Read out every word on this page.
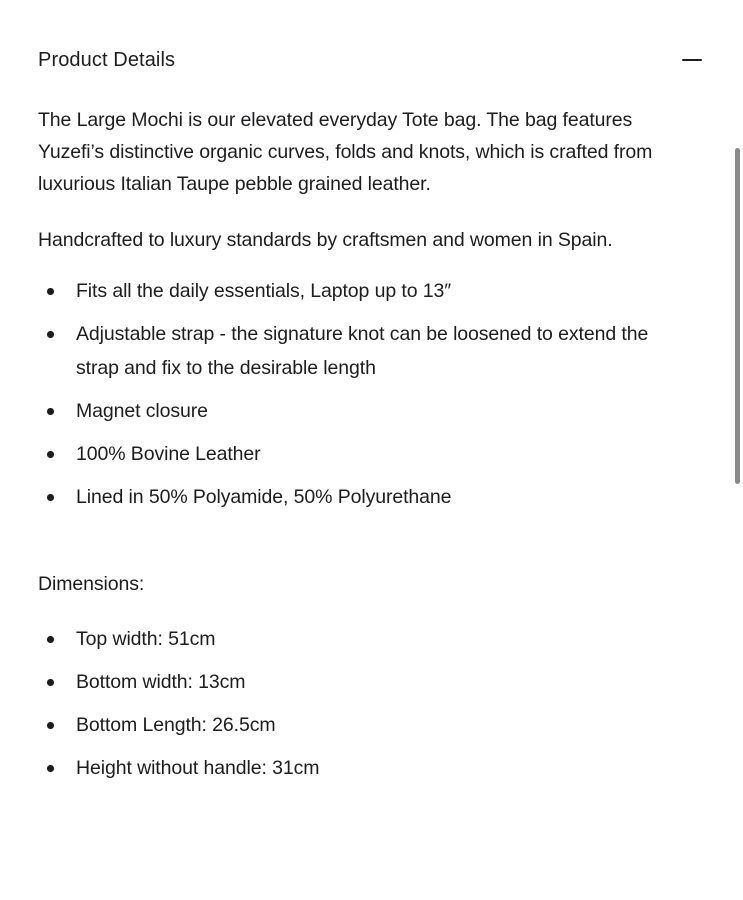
Product Details

The Large Mochi is our elevated everyday Tote bag. The bag features Yuzefi’s distinctive organic curves, folds and knots, which is crafted from luxurious Italian Taupe pebble grained leather.

Handcrafted to luxury standards by craftsmen and women in Spain.

Fits all the daily essentials, Laptop up to 13″
Adjustable strap - the signature knot can be loosened to extend the strap and fix to the desirable length
Magnet closure
100% Bovine Leather
Lined in 50% Polyamide, 50% Polyurethane

Dimensions:

Top width: 51cm
Bottom width: 13cm
Bottom Length: 26.5cm
Height without handle: 31cm
